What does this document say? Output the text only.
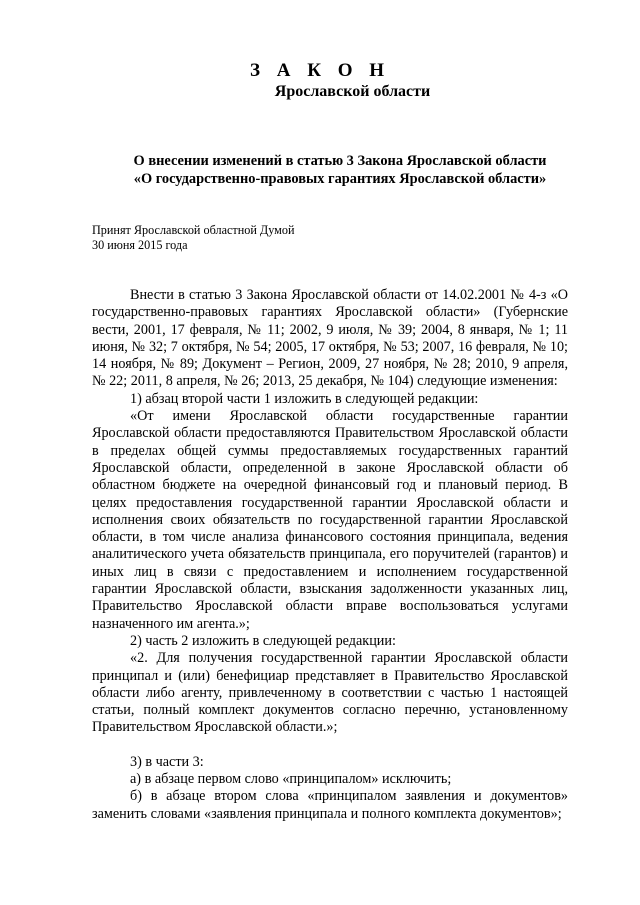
З А К О Н
Ярославской области
О внесении изменений в статью 3 Закона Ярославской области
«О государственно-правовых гарантиях Ярославской области»
Принят Ярославской областной Думой
30 июня 2015 года

Внести в статью 3 Закона Ярославской области от 14.02.2001 № 4-з «О государственно-правовых гарантиях Ярославской области» (Губернские вести, 2001, 17 февраля, № 11; 2002, 9 июля, № 39; 2004, 8 января, № 1; 11 июня, № 32; 7 октября, № 54; 2005, 17 октября, № 53; 2007, 16 февраля, № 10; 14 ноября, № 89; Документ – Регион, 2009, 27 ноября, № 28; 2010, 9 апреля, № 22; 2011, 8 апреля, № 26; 2013, 25 декабря, № 104) следующие изменения:

1) абзац второй части 1 изложить в следующей редакции:

«От имени Ярославской области государственные гарантии Ярославской области предоставляются Правительством Ярославской области в пределах общей суммы предоставляемых государственных гарантий Ярославской области, определенной в законе Ярославской области об областном бюджете на очередной финансовый год и плановый период. В целях предоставления государственной гарантии Ярославской области и исполнения своих обязательств по государственной гарантии Ярославской области, в том числе анализа финансового состояния принципала, ведения аналитического учета обязательств принципала, его поручителей (гарантов) и иных лиц в связи с предоставлением и исполнением государственной гарантии Ярославской области, взыскания задолженности указанных лиц, Правительство Ярославской области вправе воспользоваться услугами назначенного им агента.»;

2) часть 2 изложить в следующей редакции:

«2. Для получения государственной гарантии Ярославской области принципал и (или) бенефициар представляет в Правительство Ярославской области либо агенту, привлеченному в соответствии с частью 1 настоящей статьи, полный комплект документов согласно перечню, установленному Правительством Ярославской области.»;

3) в части 3:

а) в абзаце первом слово «принципалом» исключить;

б) в абзаце втором слова «принципалом заявления и документов» заменить словами «заявления принципала и полного комплекта документов»;
